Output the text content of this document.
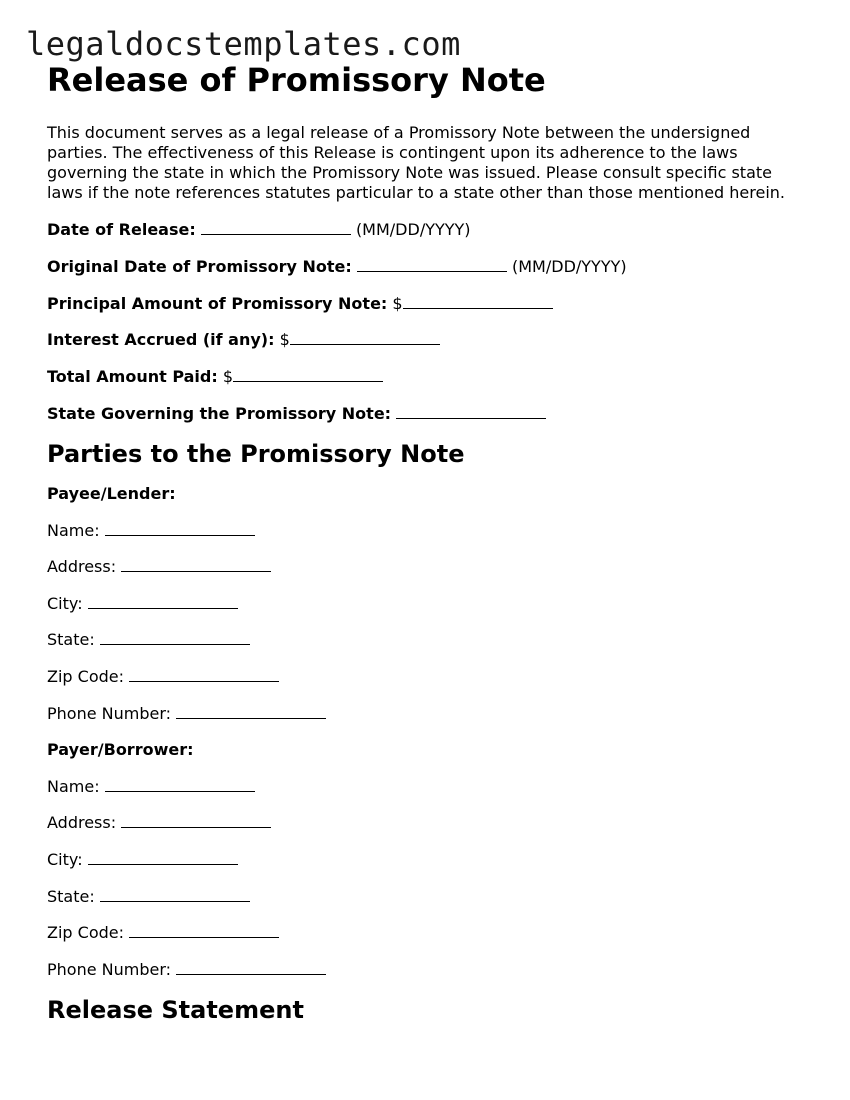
legaldocstemplates.com
Release of Promissory Note
This document serves as a legal release of a Promissory Note between the undersigned parties. The effectiveness of this Release is contingent upon its adherence to the laws governing the state in which the Promissory Note was issued. Please consult specific state laws if the note references statutes particular to a state other than those mentioned herein.
Date of Release:	(MM/DD/YYYY)
Original Date of Promissory Note:	(MM/DD/YYYY)
Principal Amount of Promissory Note: $
Interest Accrued (if any): $
Total Amount Paid: $
State Governing the Promissory Note:
Parties to the Promissory Note
Payee/Lender:
Name:
Address:
City:
State:
Zip Code:
Phone Number:
Payer/Borrower:
Name:
Address:
City:
State:
Zip Code:
Phone Number:
Release Statement
